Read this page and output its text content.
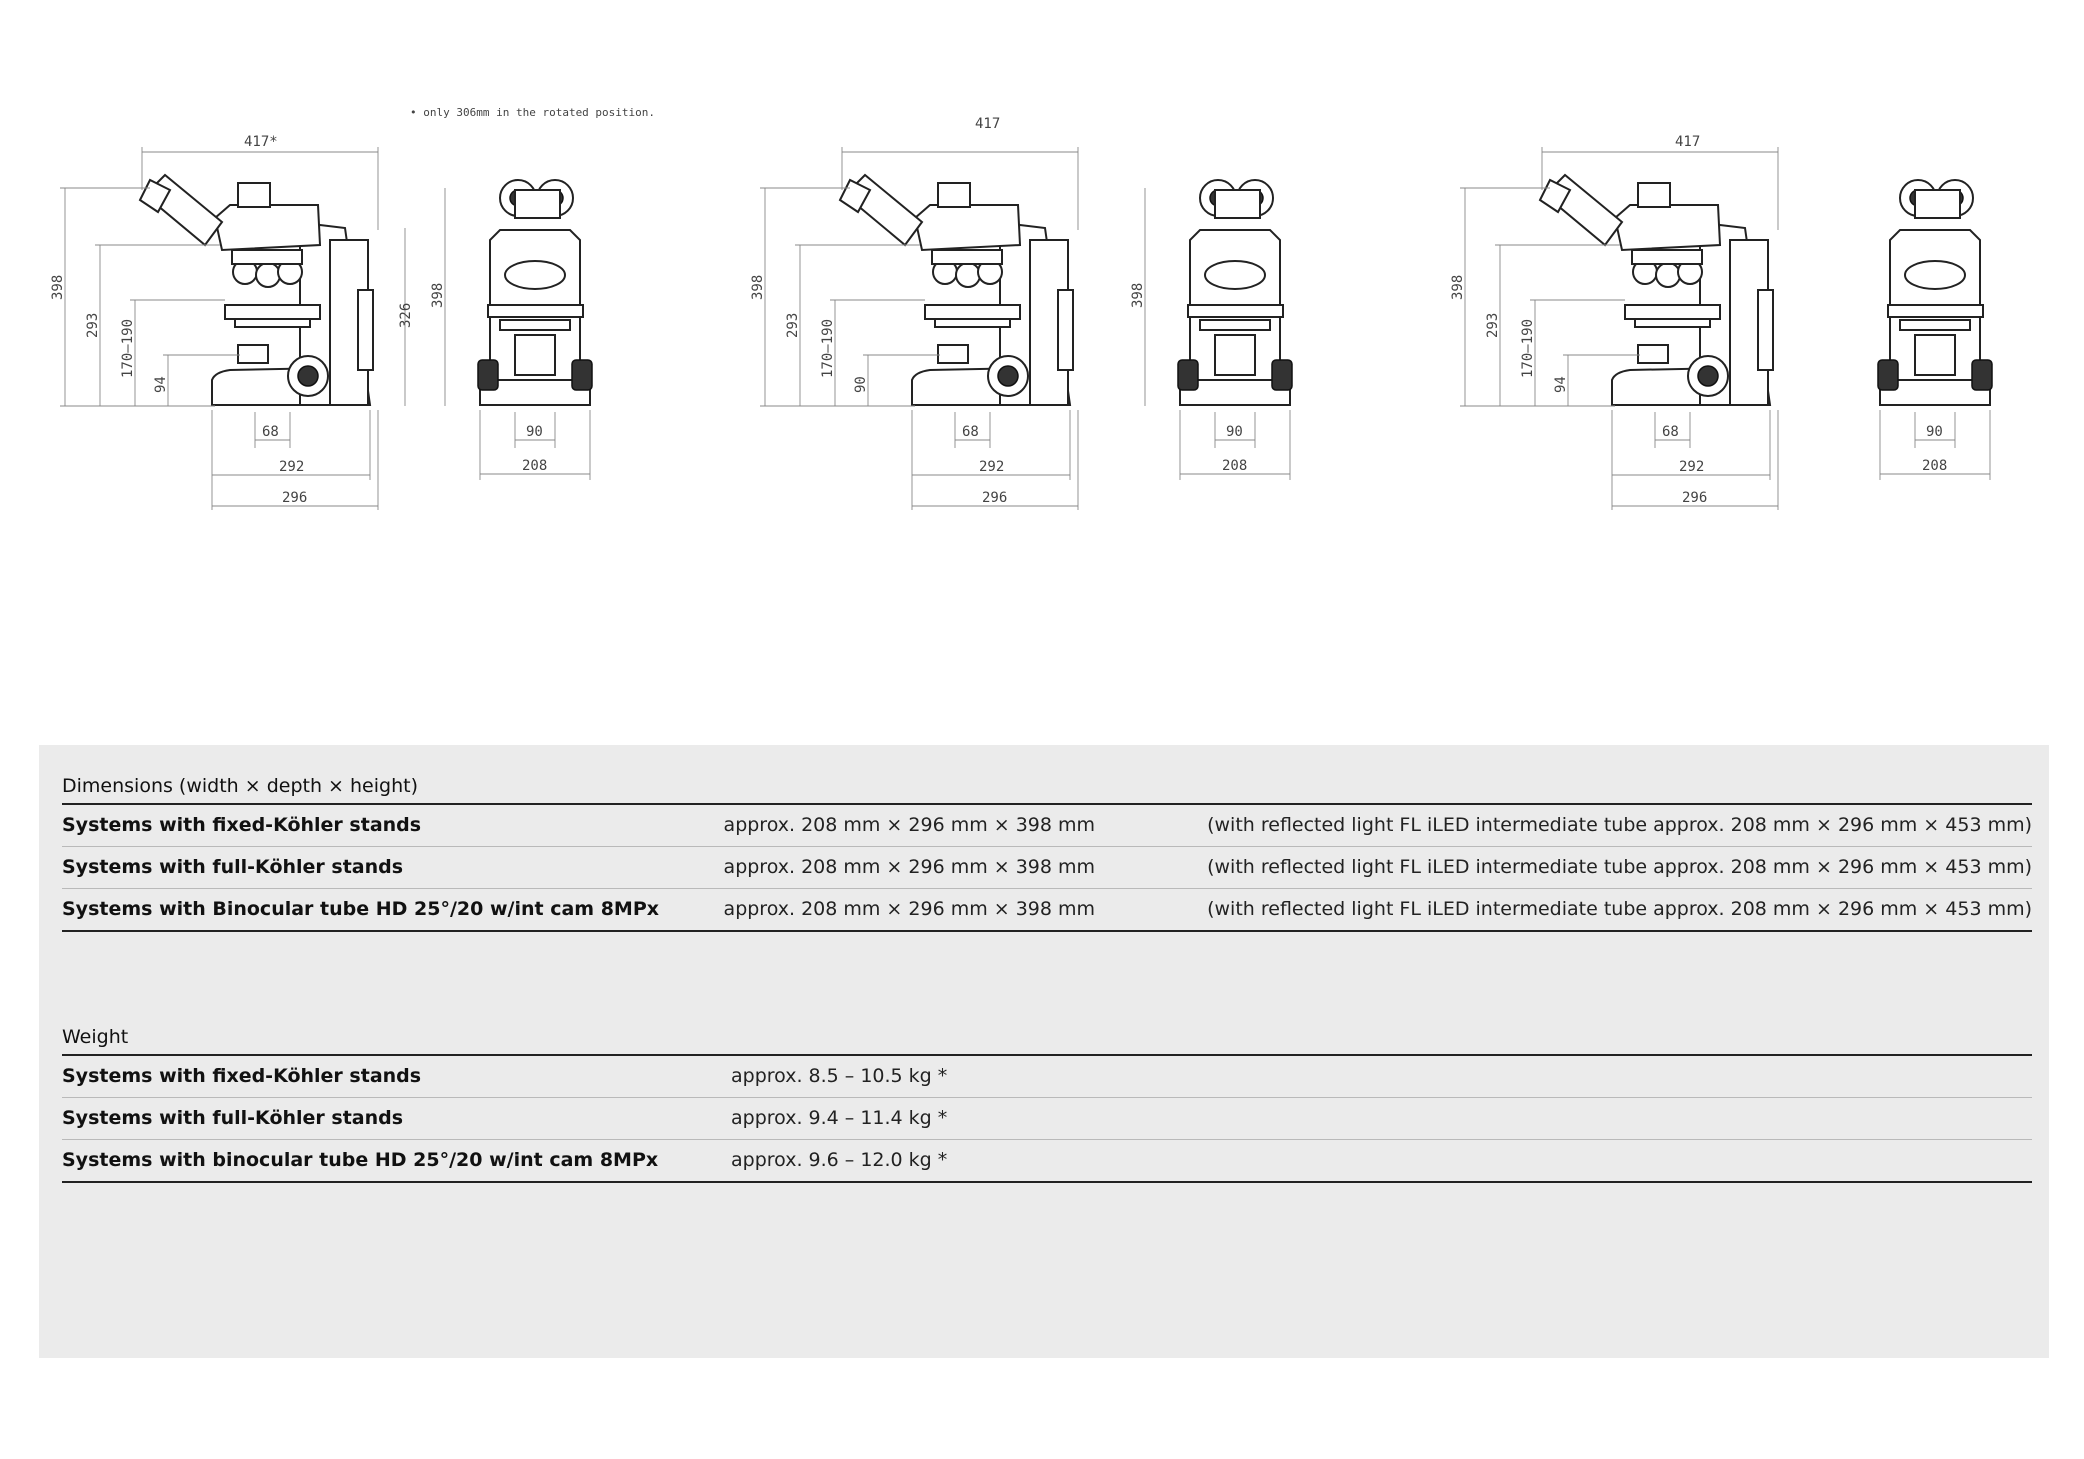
• only 306mm in the rotated position.
417*
398
293 170–190
94
326
398
68
292
296
90
208
417
398
293 170–190
90
398
68
292
296
90
208
417
398
293 170–190
94
68
292
296
90
208
Dimensions (width × depth × height)
Systems with fixed-Köhler stands	approx. 208 mm × 296 mm × 398 mm	(with reflected light FL iLED intermediate tube approx. 208 mm × 296 mm × 453 mm)
Systems with full-Köhler stands	approx. 208 mm × 296 mm × 398 mm	(with reflected light FL iLED intermediate tube approx. 208 mm × 296 mm × 453 mm)
Systems with Binocular tube HD 25°/20 w/int cam 8MPx	approx. 208 mm × 296 mm × 398 mm	(with reflected light FL iLED intermediate tube approx. 208 mm × 296 mm × 453 mm)
Weight
Systems with fixed-Köhler stands	approx. 8.5 – 10.5 kg *
Systems with full-Köhler stands	approx. 9.4 – 11.4 kg *
Systems with binocular tube HD 25°/20 w/int cam 8MPx	approx. 9.6 – 12.0 kg *
